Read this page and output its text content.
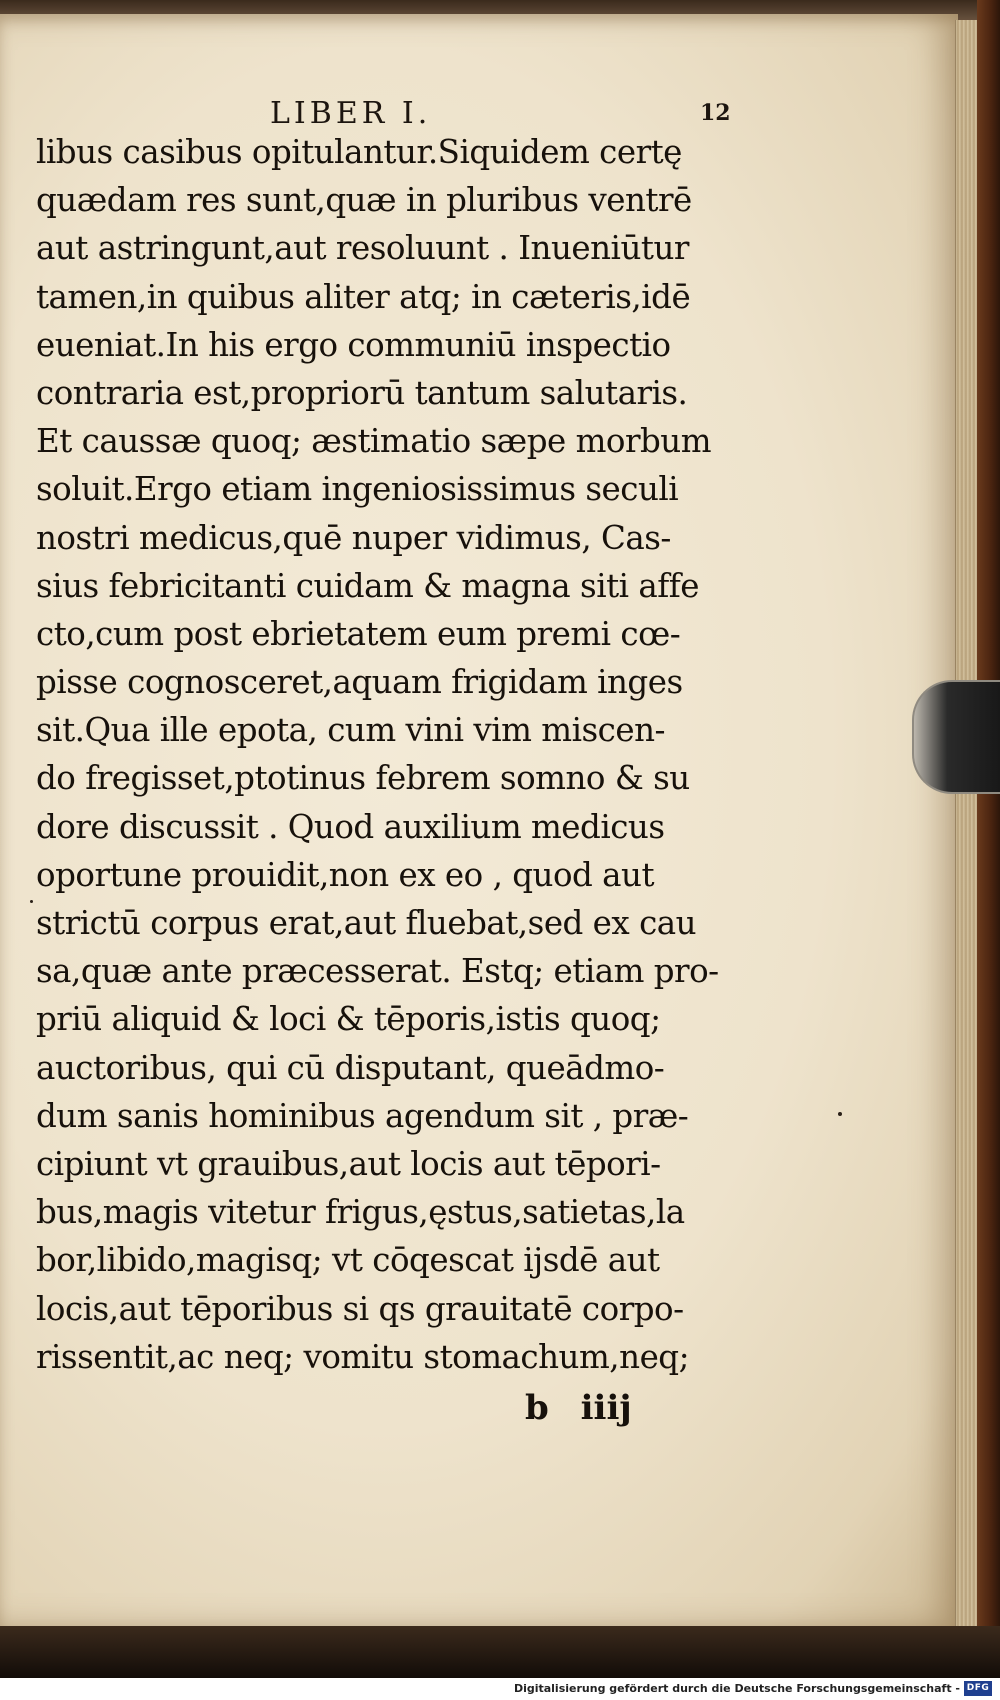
LIBER I.	12
libus casibus opitulantur.Siquidem certę
quædam res sunt,quæ in pluribus ventrē
aut astringunt,aut resoluunt . Inueniūtur
tamen,in quibus aliter atq; in cæteris,idē
eueniat.In his ergo communiū inspectio
contraria est,propriorū tantum salutaris.
Et caussæ quoq; æstimatio sæpe morbum
soluit.Ergo etiam ingeniosissimus seculi
nostri medicus,quē nuper vidimus, Cas-
sius febricitanti cuidam & magna siti affe
cto,cum post ebrietatem eum premi cœ-
pisse cognosceret,aquam frigidam inges
sit.Qua ille epota, cum vini vim miscen-
do fregisset,ptotinus febrem somno & su
dore discussit . Quod auxilium medicus
oportune prouidit,non ex eo , quod aut
strictū corpus erat,aut fluebat,sed ex cau
sa,quæ ante præcesserat. Estq; etiam pro-
priū aliquid & loci & tēporis,istis quoq;
auctoribus, qui cū disputant, queādmo-
dum sanis hominibus agendum sit , præ-
cipiunt vt grauibus,aut locis aut tēpori-
bus,magis vitetur frigus,ęstus,satietas,la
bor,libido,magisq; vt cōqescat ijsdē aut
locis,aut tēporibus si qs grauitatē corpo-
rissentit,ac neq; vomitu stomachum,neq;
b iiij
Digitalisierung gefördert durch die Deutsche Forschungsgemeinschaft - DFG
